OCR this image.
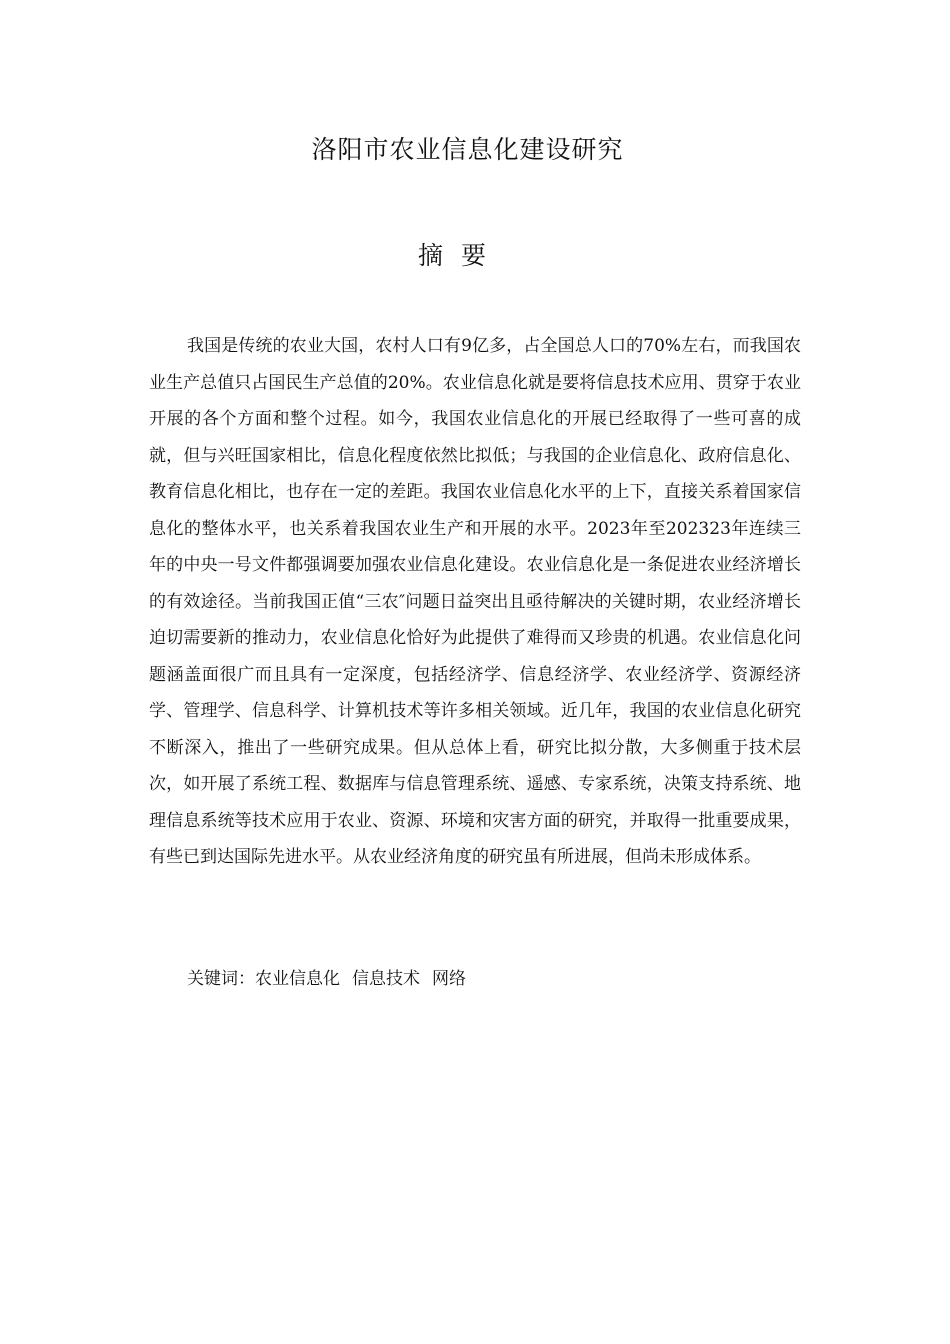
洛阳市农业信息化建设研究
摘要

我国是传统的农业大国，农村人口有9亿多，占全国总人口的70%左右，而我国农业生产总值只占国民生产总值的20%。农业信息化就是要将信息技术应用、贯穿于农业开展的各个方面和整个过程。如今，我国农业信息化的开展已经取得了一些可喜的成就，但与兴旺国家相比，信息化程度依然比拟低；与我国的企业信息化、政府信息化、教育信息化相比，也存在一定的差距。我国农业信息化水平的上下，直接关系着国家信息化的整体水平，也关系着我国农业生产和开展的水平。2023年至202323年连续三年的中央一号文件都强调要加强农业信息化建设。农业信息化是一条促进农业经济增长的有效途径。当前我国正值“三农″问题日益突出且亟待解决的关键时期，农业经济增长迫切需要新的推动力，农业信息化恰好为此提供了难得而又珍贵的机遇。农业信息化问题涵盖面很广而且具有一定深度，包括经济学、信息经济学、农业经济学、资源经济学、管理学、信息科学、计算机技术等许多相关领域。近几年，我国的农业信息化研究不断深入，推出了一些研究成果。但从总体上看，研究比拟分散，大多侧重于技术层次，如开展了系统工程、数据库与信息管理系统、遥感、专家系统，决策支持系统、地理信息系统等技术应用于农业、资源、环境和灾害方面的研究，并取得一批重要成果，有些已到达国际先进水平。从农业经济角度的研究虽有所进展，但尚未形成体系。

关键词：农业信息化 信息技术 网络
